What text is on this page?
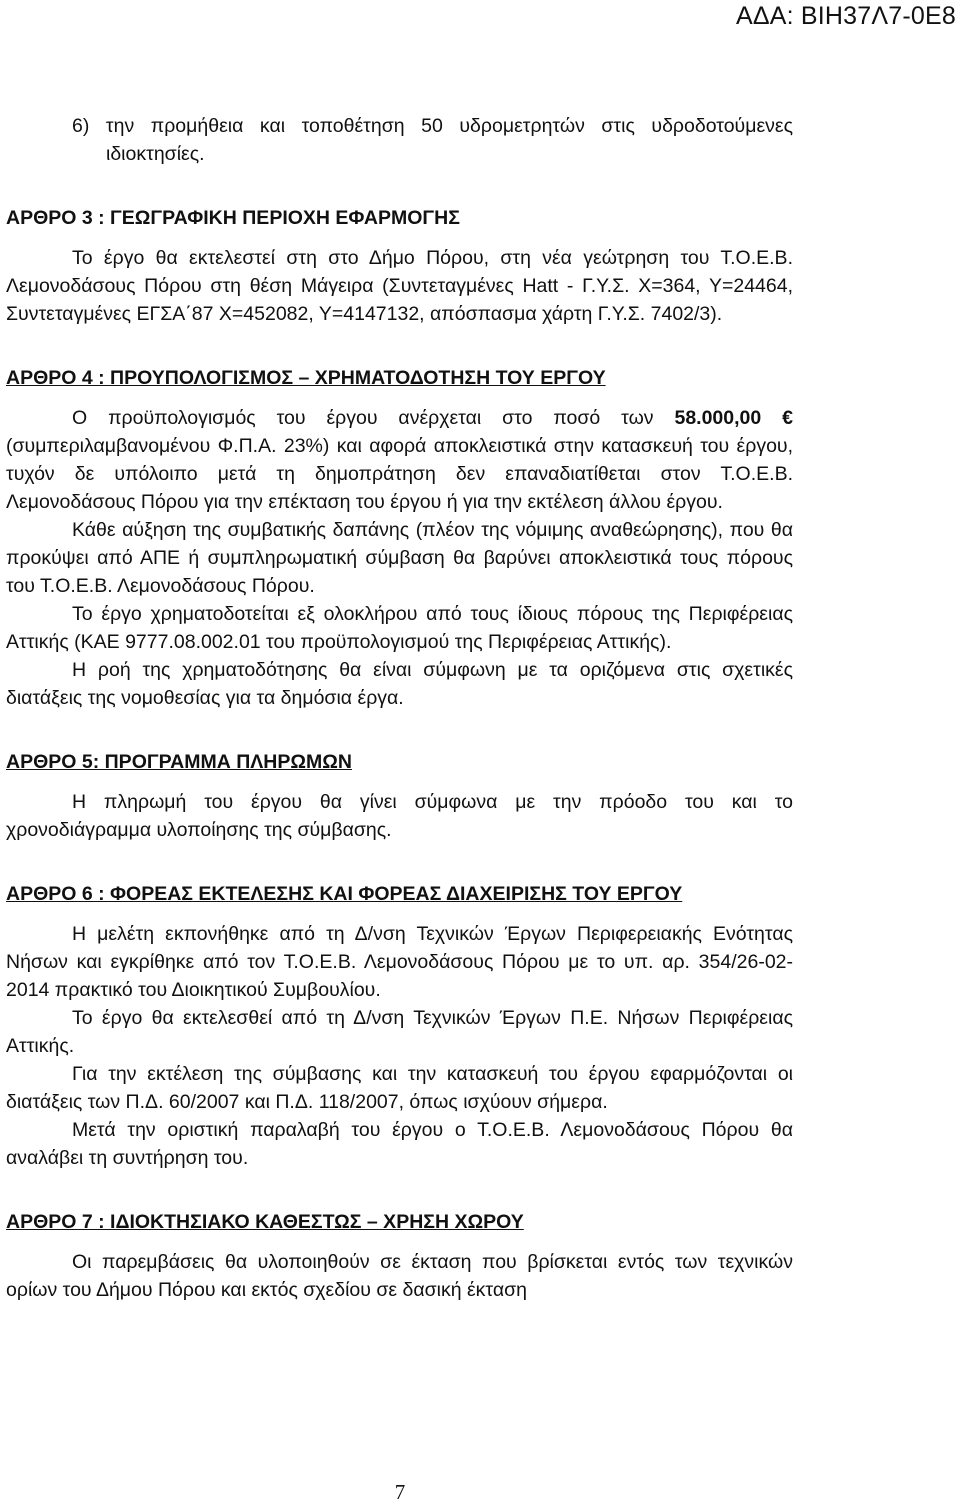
ΑΔΑ: ΒΙΗ37Λ7-0Ε8

6) την προμήθεια και τοποθέτηση 50 υδρομετρητών στις υδροδοτούμενες ιδιοκτησίες.

ΑΡΘΡΟ 3 : ΓΕΩΓΡΑΦΙΚΗ ΠΕΡΙΟΧΗ ΕΦΑΡΜΟΓΗΣ

Το έργο θα εκτελεστεί στη στο Δήμο Πόρου, στη νέα γεώτρηση του Τ.Ο.Ε.Β. Λεμονοδάσους Πόρου στη θέση Μάγειρα (Συντεταγμένες Hatt - Γ.Υ.Σ. Χ=364, Υ=24464, Συντεταγμένες ΕΓΣΑ΄87 Χ=452082, Υ=4147132, απόσπασμα χάρτη Γ.Υ.Σ. 7402/3).

ΑΡΘΡΟ 4 : ΠΡΟΥΠΟΛΟΓΙΣΜΟΣ – ΧΡΗΜΑΤΟΔΟΤΗΣΗ ΤΟΥ ΕΡΓΟΥ

Ο προϋπολογισμός του έργου ανέρχεται στο ποσό των 58.000,00 € (συμπεριλαμβανομένου Φ.Π.Α. 23%) και αφορά αποκλειστικά στην κατασκευή του έργου, τυχόν δε υπόλοιπο μετά τη δημοπράτηση δεν επαναδιατίθεται στον Τ.Ο.Ε.Β. Λεμονοδάσους Πόρου για την επέκταση του έργου ή για την εκτέλεση άλλου έργου.

Κάθε αύξηση της συμβατικής δαπάνης (πλέον της νόμιμης αναθεώρησης), που θα προκύψει από ΑΠΕ ή συμπληρωματική σύμβαση θα βαρύνει αποκλειστικά τους πόρους του Τ.Ο.Ε.Β. Λεμονοδάσους Πόρου.

Το έργο χρηματοδοτείται εξ ολοκλήρου από τους ίδιους πόρους της Περιφέρειας Αττικής (ΚΑΕ 9777.08.002.01 του προϋπολογισμού της Περιφέρειας Αττικής).

Η ροή της χρηματοδότησης θα είναι σύμφωνη με τα οριζόμενα στις σχετικές διατάξεις της νομοθεσίας για τα δημόσια έργα.

ΑΡΘΡΟ 5: ΠΡΟΓΡΑΜΜΑ ΠΛΗΡΩΜΩΝ

Η πληρωμή του έργου θα γίνει σύμφωνα με την πρόοδο του και το χρονοδιάγραμμα υλοποίησης της σύμβασης.

ΑΡΘΡΟ 6 : ΦΟΡΕΑΣ ΕΚΤΕΛΕΣΗΣ ΚΑΙ ΦΟΡΕΑΣ ΔΙΑΧΕΙΡΙΣΗΣ ΤΟΥ ΕΡΓΟΥ

Η μελέτη εκπονήθηκε από τη Δ/νση Τεχνικών Έργων Περιφερειακής Ενότητας Νήσων και εγκρίθηκε από τον Τ.Ο.Ε.Β. Λεμονοδάσους Πόρου με το υπ. αρ. 354/26-02-2014 πρακτικό του Διοικητικού Συμβουλίου.

Το έργο θα εκτελεσθεί από τη Δ/νση Τεχνικών Έργων Π.Ε. Νήσων Περιφέρειας Αττικής.

Για την εκτέλεση της σύμβασης και την κατασκευή του έργου εφαρμόζονται οι διατάξεις των Π.Δ. 60/2007 και Π.Δ. 118/2007, όπως ισχύουν σήμερα.

Μετά την οριστική παραλαβή του έργου ο Τ.Ο.Ε.Β. Λεμονοδάσους Πόρου θα αναλάβει τη συντήρηση του.

ΑΡΘΡΟ 7 : ΙΔΙΟΚΤΗΣΙΑΚΟ ΚΑΘΕΣΤΩΣ – ΧΡΗΣΗ ΧΩΡΟΥ

Οι παρεμβάσεις θα υλοποιηθούν σε έκταση που βρίσκεται εντός των τεχνικών ορίων του Δήμου Πόρου και εκτός σχεδίου σε δασική έκταση

7
